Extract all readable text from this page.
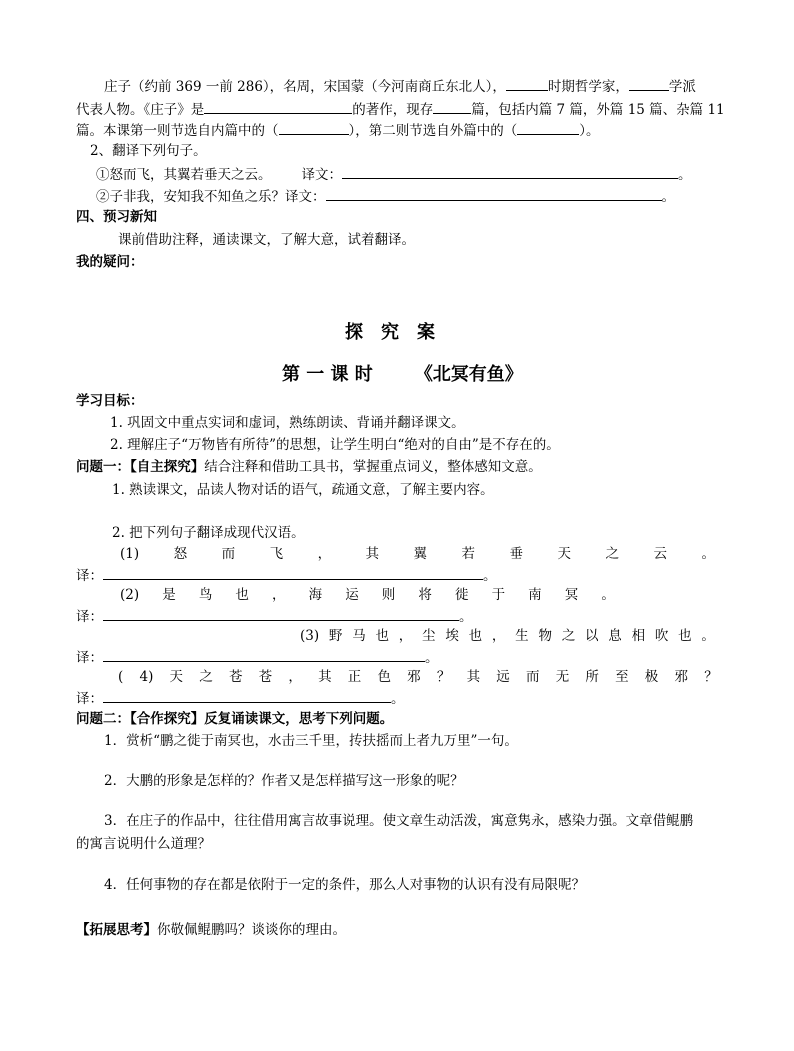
庄子（约前 369 一前 286），名周，宋国蒙（今河南商丘东北人），	时期哲学家，	学派
代表人物。《庄子》是	的著作，现存	篇，包括内篇 7 篇，外篇 15 篇、杂篇 11
篇。本课第一则节选自内篇中的（	），第二则节选自外篇中的（	）。
2、翻译下列句子。
①怒而飞，其翼若垂天之云。 译文：	。
②子非我，安知我不知鱼之乐？译文：	。
四、预习新知
课前借助注释，通读课文，了解大意，试着翻译。
我的疑问：
探　究　案
第 一 课 时 《北冥有鱼》
学习目标：
1. 巩固文中重点实词和虚词，熟练朗读、背诵并翻译课文。
2. 理解庄子“万物皆有所待”的思想，让学生明白“绝对的自由”是不存在的。
问题一：【自主探究】结合注释和借助工具书，掌握重点词义，整体感知文意。
1. 熟读课文，品读人物对话的语气，疏通文意，了解主要内容。
2. 把下列句子翻译成现代汉语。
(1)	怒	而	飞	，	其	翼	若	垂	天	之	云	。
译：	。
(2) 是 鸟 也 ， 海 运 则 将 徙 于 南 冥 。
译：	。
(3) 野 马 也 ， 尘 埃 也 ， 生 物 之 以 息 相 吹 也 。
译：	。
( 4) 天 之 苍 苍 ， 其 正 色 邪 ？ 其 远 而 无 所 至 极 邪 ？
译：	。
问题二：【合作探究】反复诵读课文，思考下列问题。
1．赏析“鹏之徙于南冥也，水击三千里，抟扶摇而上者九万里”一句。
2．大鹏的形象是怎样的？作者又是怎样描写这一形象的呢？
3．在庄子的作品中，往往借用寓言故事说理。使文章生动活泼，寓意隽永，感染力强。文章借鲲鹏
的寓言说明什么道理？
4．任何事物的存在都是依附于一定的条件，那么人对事物的认识有没有局限呢？
【拓展思考】你敬佩鲲鹏吗？谈谈你的理由。
